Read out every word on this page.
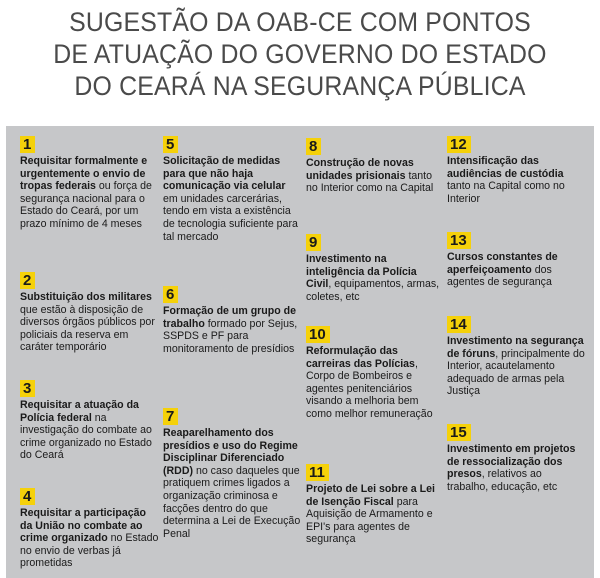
SUGESTÃO DA OAB-CE COM PONTOS
DE ATUAÇÃO DO GOVERNO DO ESTADO
DO CEARÁ NA SEGURANÇA PÚBLICA
1
Requisitar formalmente e urgentemente o envio de tropas federais ou força de segurança nacional para o Estado do Ceará, por um prazo mínimo de 4 meses
2
Substituição dos militares que estão à disposição de diversos órgãos públicos por policiais da reserva em caráter temporário
3
Requisitar a atuação da Polícia federal na investigação do combate ao crime organizado no Estado do Ceará
4
Requisitar a participação da União no combate ao crime organizado no Estado no envio de verbas já prometidas
5
Solicitação de medidas para que não haja comunicação via celular em unidades carcerárias, tendo em vista a existência de tecnologia suficiente para tal mercado
6
Formação de um grupo de trabalho formado por Sejus, SSPDS e PF para monitoramento de presídios
7
Reaparelhamento dos presídios e uso do Regime Disciplinar Diferenciado (RDD) no caso daqueles que pratiquem crimes ligados a organização criminosa e facções dentro do que determina a Lei de Execução Penal
8
Construção de novas unidades prisionais tanto no Interior como na Capital
9
Investimento na inteligência da Polícia Civil, equipamentos, armas, coletes, etc
10
Reformulação das carreiras das Polícias, Corpo de Bombeiros e agentes penitenciários visando a melhoria bem como melhor remuneração
11
Projeto de Lei sobre a Lei de Isenção Fiscal para Aquisição de Armamento e EPI's para agentes de segurança
12
Intensificação das audiências de custódia tanto na Capital como no Interior
13
Cursos constantes de aperfeiçoamento dos agentes de segurança
14
Investimento na segurança de fóruns, principalmente do Interior, acautelamento adequado de armas pela Justiça
15
Investimento em projetos de ressocialização dos presos, relativos ao trabalho, educação, etc
